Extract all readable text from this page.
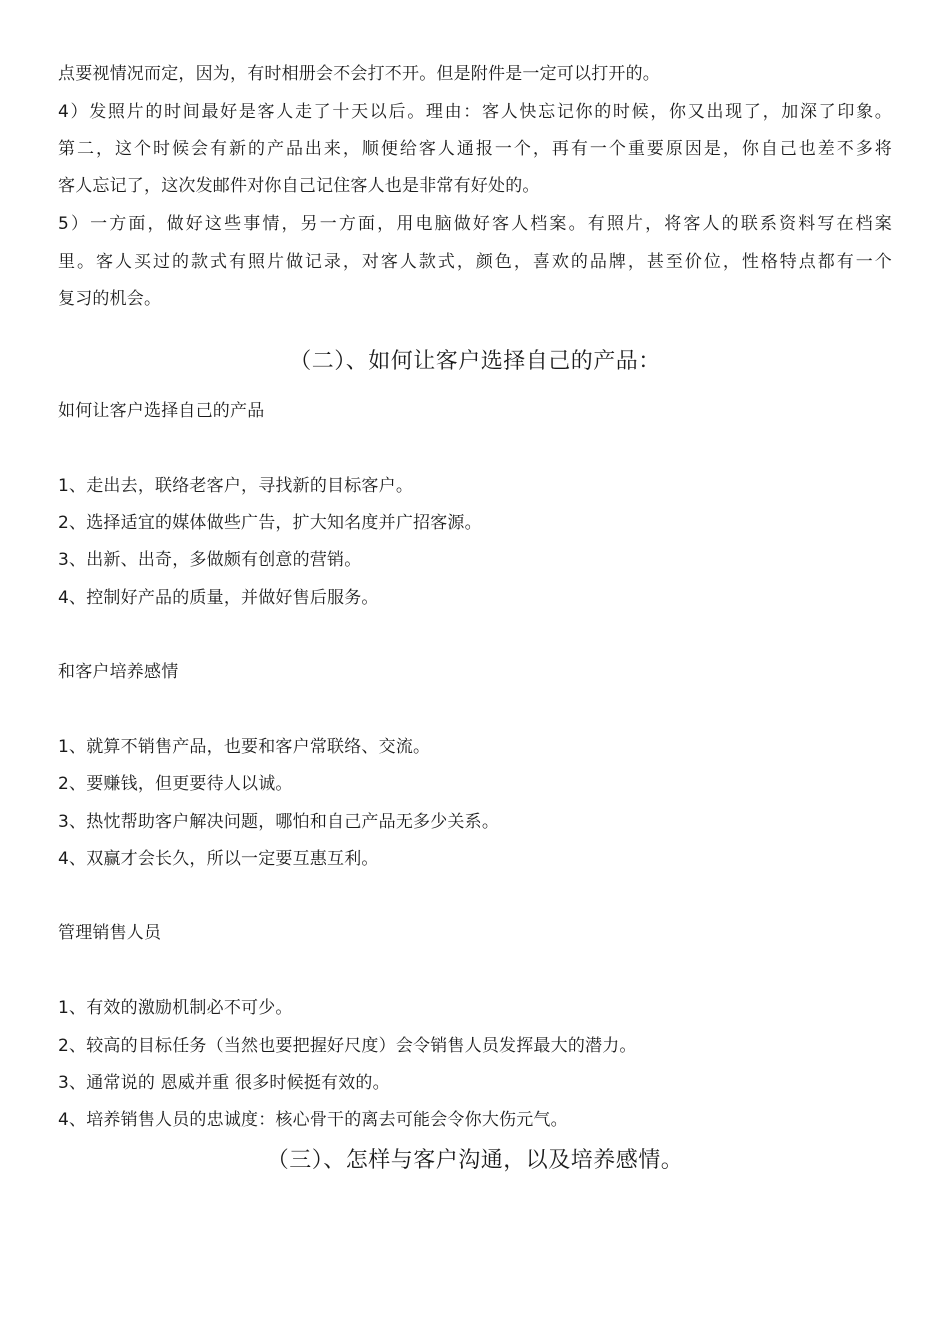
点要视情况而定，因为，有时相册会不会打不开。但是附件是一定可以打开的。
4）发照片的时间最好是客人走了十天以后。理由：客人快忘记你的时候，你又出现了，加深了印象。
第二，这个时候会有新的产品出来，顺便给客人通报一个，再有一个重要原因是，你自己也差不多将
客人忘记了，这次发邮件对你自己记住客人也是非常有好处的。
5）一方面，做好这些事情，另一方面，用电脑做好客人档案。有照片，将客人的联系资料写在档案
里。客人买过的款式有照片做记录，对客人款式，颜色，喜欢的品牌，甚至价位，性格特点都有一个
复习的机会。
（二）、如何让客户选择自己的产品：
如何让客户选择自己的产品
1、走出去，联络老客户，寻找新的目标客户。
2、选择适宜的媒体做些广告，扩大知名度并广招客源。
3、出新、出奇，多做颇有创意的营销。
4、控制好产品的质量，并做好售后服务。
和客户培养感情
1、就算不销售产品，也要和客户常联络、交流。
2、要赚钱，但更要待人以诚。
3、热忱帮助客户解决问题，哪怕和自己产品无多少关系。
4、双赢才会长久，所以一定要互惠互利。
管理销售人员
1、有效的激励机制必不可少。
2、较高的目标任务（当然也要把握好尺度）会令销售人员发挥最大的潜力。
3、通常说的 恩威并重 很多时候挺有效的。
4、培养销售人员的忠诚度：核心骨干的离去可能会令你大伤元气。
（三）、怎样与客户沟通，以及培养感情。
